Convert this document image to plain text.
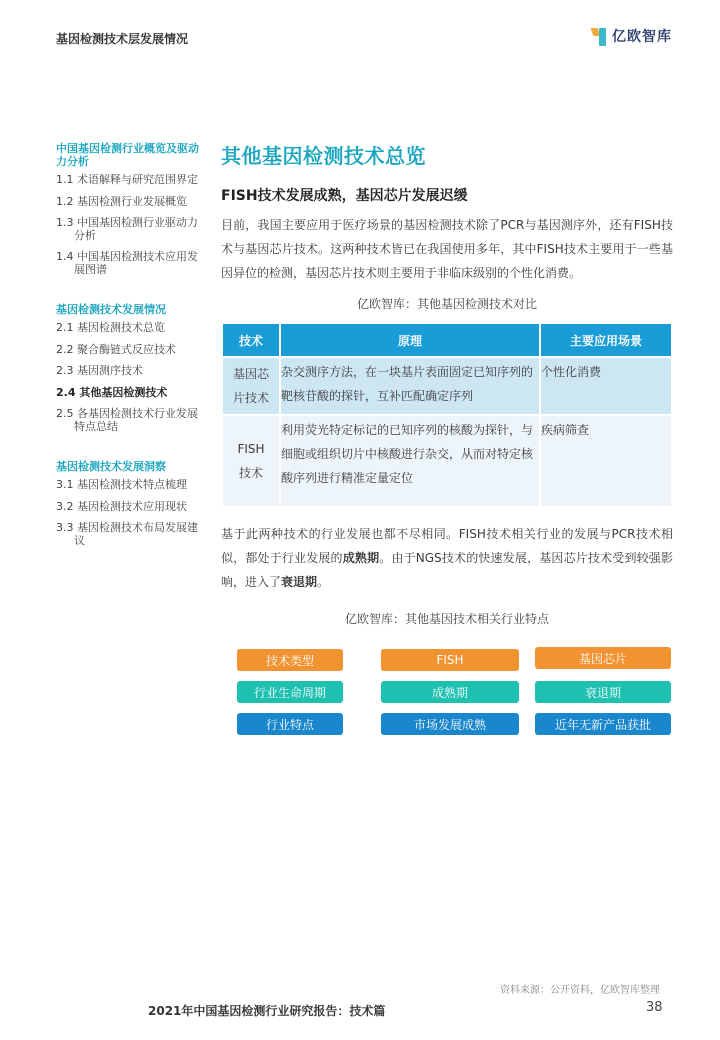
基因检测技术层发展情况	亿欧智库
中国基因检测行业概览及驱动力分析
1.1 术语解释与研究范围界定
1.2 基因检测行业发展概览
1.3 中国基因检测行业驱动力分析
1.4 中国基因检测技术应用发展图谱
基因检测技术发展情况
2.1 基因检测技术总览
2.2 聚合酶链式反应技术
2.3 基因测序技术
2.4 其他基因检测技术
2.5 各基因检测技术行业发展特点总结
基因检测技术发展洞察
3.1 基因检测技术特点梳理
3.2 基因检测技术应用现状
3.3 基因检测技术布局发展建议
其他基因检测技术总览
FISH技术发展成熟，基因芯片发展迟缓

目前，我国主要应用于医疗场景的基因检测技术除了PCR与基因测序外，还有FISH技术与基因芯片技术。这两种技术皆已在我国使用多年，其中FISH技术主要用于一些基因异位的检测，基因芯片技术则主要用于非临床级别的个性化消费。

亿欧智库：其他基因检测技术对比
技术	原理	主要应用场景
基因芯片技术	杂交测序方法，在一块基片表面固定已知序列的靶核苷酸的探针，互补匹配确定序列	个性化消费
FISH技术	利用荧光特定标记的已知序列的核酸为探针，与细胞或组织切片中核酸进行杂交，从而对特定核酸序列进行精准定量定位	疾病筛查

基于此两种技术的行业发展也都不尽相同。FISH技术相关行业的发展与PCR技术相似，都处于行业发展的成熟期。由于NGS技术的快速发展，基因芯片技术受到较强影响，进入了衰退期。

亿欧智库：其他基因技术相关行业特点
技术类型	FISH	基因芯片
行业生命周期	成熟期	衰退期
行业特点	市场发展成熟	近年无新产品获批
资料来源：公开资料，亿欧智库整理
2021年中国基因检测行业研究报告：技术篇	38
